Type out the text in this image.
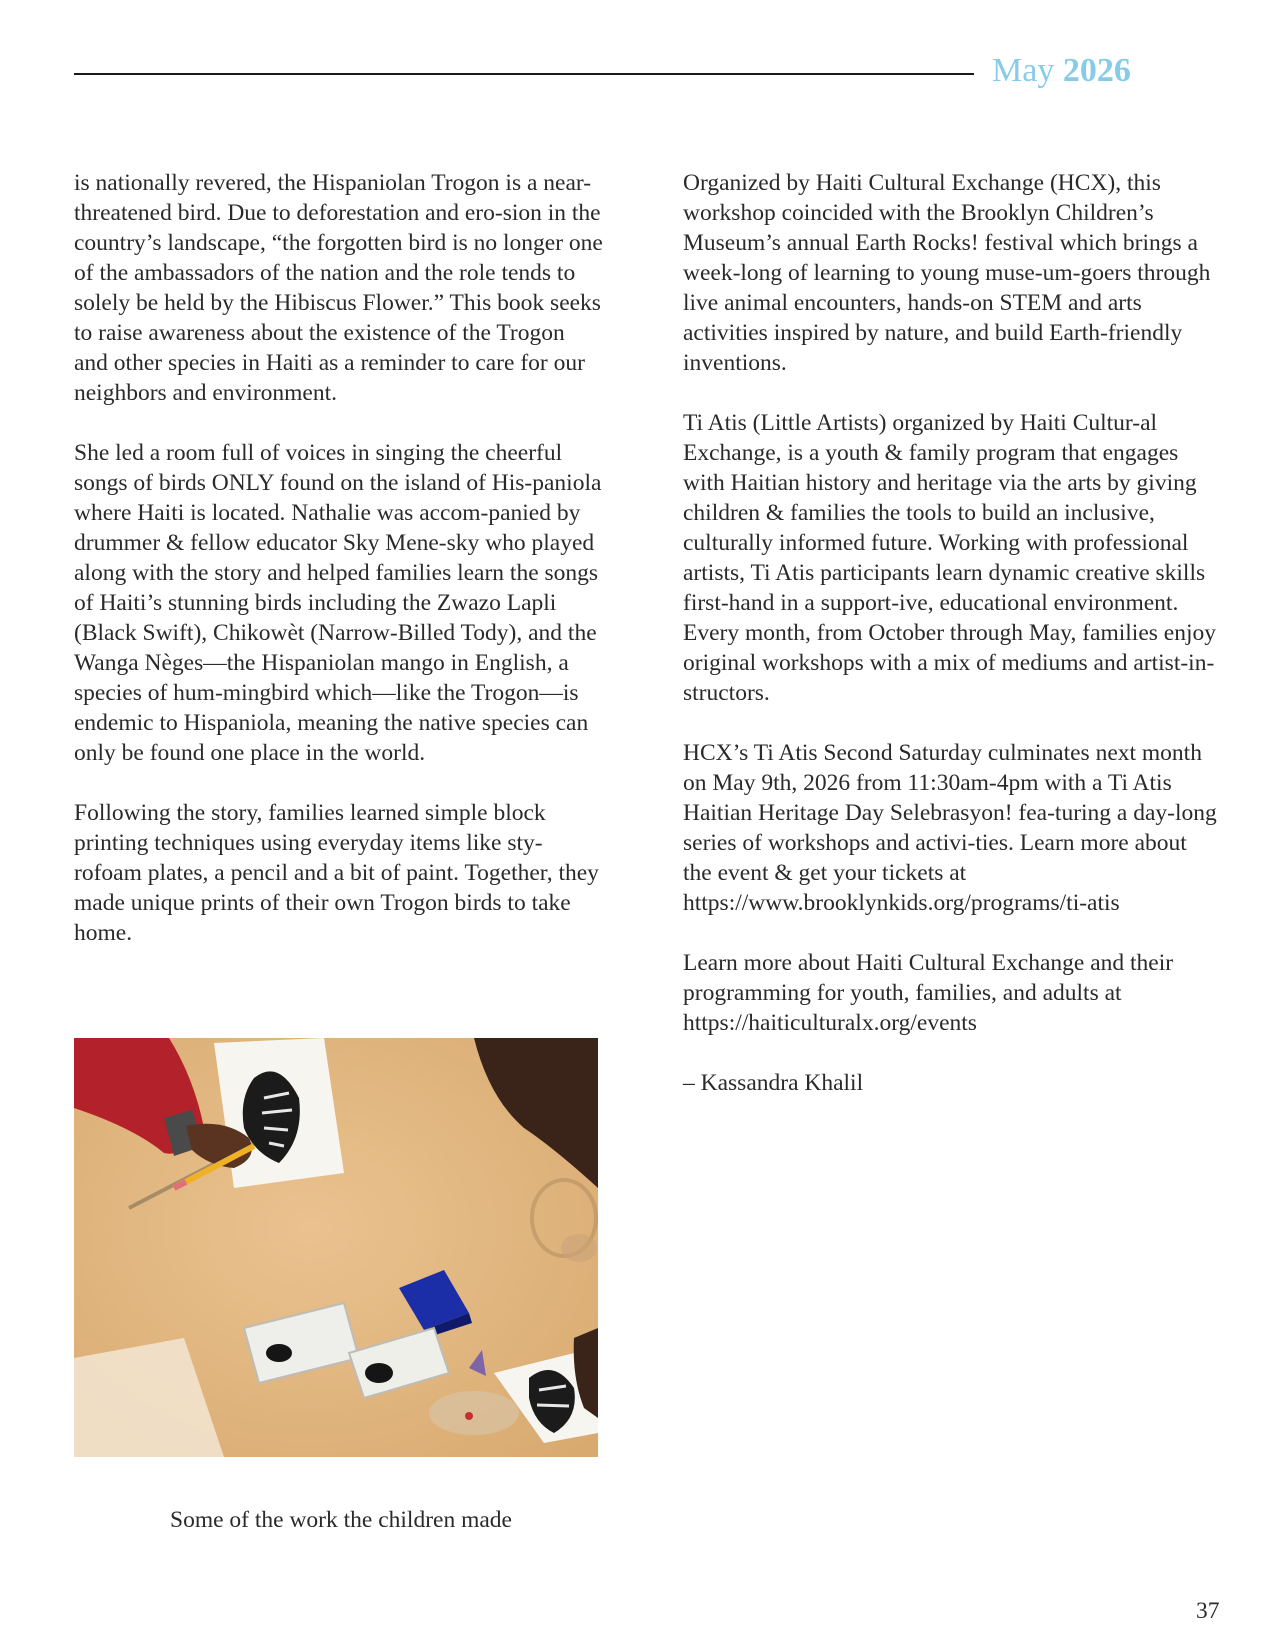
May 2026

is nationally revered, the Hispaniolan Trogon is a near-threatened bird. Due to deforestation and ero-sion in the country’s landscape, “the forgotten bird is no longer one of the ambassadors of the nation and the role tends to solely be held by the Hibiscus Flower.” This book seeks to raise awareness about the existence of the Trogon and other species in Haiti as a reminder to care for our neighbors and environment.

She led a room full of voices in singing the cheerful songs of birds ONLY found on the island of His-paniola where Haiti is located. Nathalie was accom-panied by drummer & fellow educator Sky Mene-sky who played along with the story and helped families learn the songs of Haiti’s stunning birds including the Zwazo Lapli (Black Swift), Chikowèt (Narrow-Billed Tody), and the Wanga Nèges—the Hispaniolan mango in English, a species of hum-mingbird which—like the Trogon—is endemic to Hispaniola, meaning the native species can only be found one place in the world.

Following the story, families learned simple block printing techniques using everyday items like sty-rofoam plates, a pencil and a bit of paint. Together, they made unique prints of their own Trogon birds to take home.

Some of the work the children made

Organized by Haiti Cultural Exchange (HCX), this workshop coincided with the Brooklyn Children’s Museum’s annual Earth Rocks! festival which brings a week-long of learning to young muse-um-goers through live animal encounters, hands-on STEM and arts activities inspired by nature, and build Earth-friendly inventions.

Ti Atis (Little Artists) organized by Haiti Cultur-al Exchange, is a youth & family program that engages with Haitian history and heritage via the arts by giving children & families the tools to build an inclusive, culturally informed future. Working with professional artists, Ti Atis participants learn dynamic creative skills first-hand in a support-ive, educational environment. Every month, from October through May, families enjoy original workshops with a mix of mediums and artist-in-structors.

HCX’s Ti Atis Second Saturday culminates next month on May 9th, 2026 from 11:30am-4pm with a Ti Atis Haitian Heritage Day Selebrasyon! fea-turing a day-long series of workshops and activi-ties. Learn more about the event & get your tickets at https://www.brooklynkids.org/programs/ti-atis

Learn more about Haiti Cultural Exchange and their programming for youth, families, and adults at https://haiticulturalx.org/events

– Kassandra Khalil

37
